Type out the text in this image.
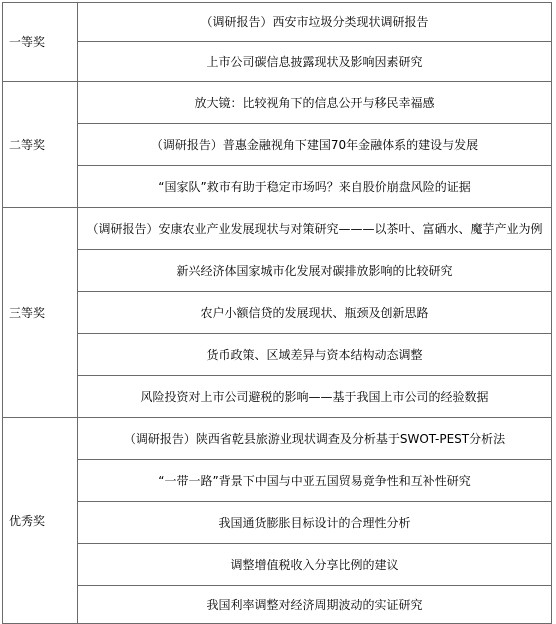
一等奖	（调研报告）西安市垃圾分类现状调研报告
	上市公司碳信息披露现状及影响因素研究
二等奖	放大镜：比较视角下的信息公开与移民幸福感
	（调研报告）普惠金融视角下建国70年金融体系的建设与发展
	“国家队”救市有助于稳定市场吗？来自股价崩盘风险的证据
三等奖	（调研报告）安康农业产业发展现状与对策研究———以茶叶、富硒水、魔芋产业为例
	新兴经济体国家城市化发展对碳排放影响的比较研究
	农户小额信贷的发展现状、瓶颈及创新思路
	货币政策、区域差异与资本结构动态调整
	风险投资对上市公司避税的影响——基于我国上市公司的经验数据
优秀奖	（调研报告）陕西省乾县旅游业现状调查及分析基于SWOT-PEST分析法
	“一带一路”背景下中国与中亚五国贸易竟争性和互补性研究
	我国通货膨胀目标设计的合理性分析
	调整增值税收入分享比例的建议
	我国利率调整对经济周期波动的实证研究
